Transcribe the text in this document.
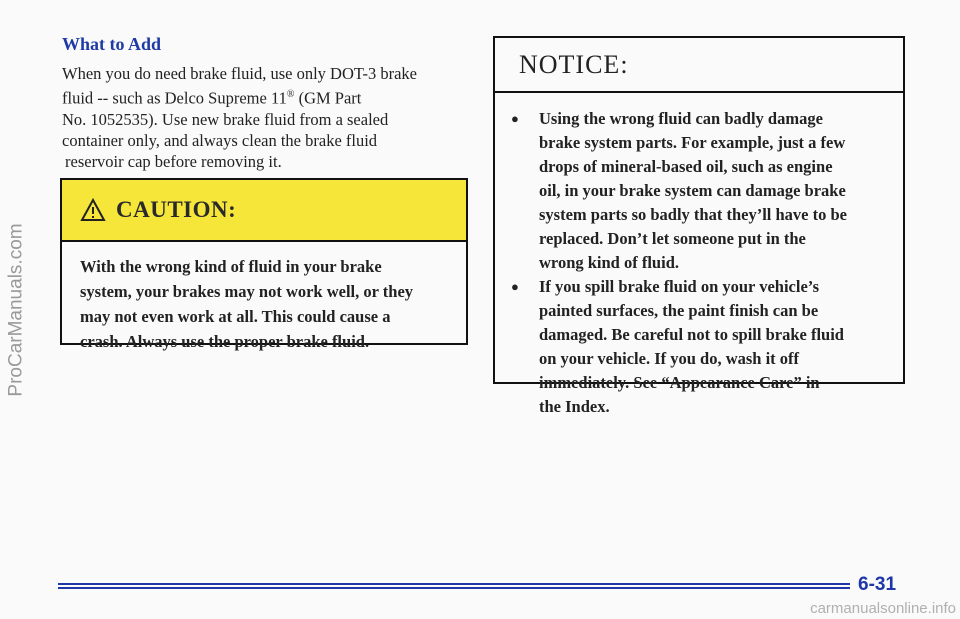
ProCarManuals.com
What to Add
When you do need brake fluid, use only DOT-3 brake
fluid -- such as Delco Supreme 11® (GM Part
No. 1052535). Use new brake fluid from a sealed
container only, and always clean the brake fluid
reservoir cap before removing it.
CAUTION:
With the wrong kind of fluid in your brake
system, your brakes may not work well, or they
may not even work at all. This could cause a
crash. Always use the proper brake fluid.
NOTICE:
●	Using the wrong fluid can badly damage
brake system parts. For example, just a few
drops of mineral-based oil, such as engine
oil, in your brake system can damage brake
system parts so badly that they’ll have to be
replaced. Don’t let someone put in the
wrong kind of fluid.
●	If you spill brake fluid on your vehicle’s
painted surfaces, the paint finish can be
damaged. Be careful not to spill brake fluid
on your vehicle. If you do, wash it off
immediately. See “Appearance Care” in
the Index.
6-31
carmanualsonline.info
